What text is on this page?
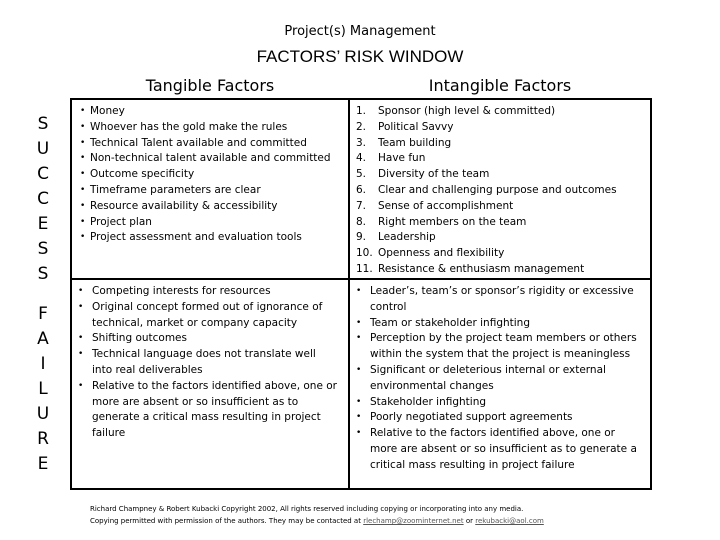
Project(s) Management
FACTORS’ RISK WINDOW
Tangible Factors	Intangible Factors
S
U
C
C
E
S
S
F
A
I
L
U
R
E
• Money
• Whoever has the gold make the rules
• Technical Talent available and committed
• Non-technical talent available and committed
• Outcome specificity
• Timeframe parameters are clear
• Resource availability & accessibility
• Project plan
• Project assessment and evaluation tools
1. Sponsor (high level & committed)
2. Political Savvy
3. Team building
4. Have fun
5. Diversity of the team
6. Clear and challenging purpose and outcomes
7. Sense of accomplishment
8. Right members on the team
9. Leadership
10. Openness and flexibility
11. Resistance & enthusiasm management
• Competing interests for resources
• Original concept formed out of ignorance of technical, market or company capacity
• Shifting outcomes
• Technical language does not translate well into real deliverables
• Relative to the factors identified above, one or more are absent or so insufficient as to generate a critical mass resulting in project failure
• Leader’s, team’s or sponsor’s rigidity or excessive control
• Team or stakeholder infighting
• Perception by the project team members or others within the system that the project is meaningless
• Significant or deleterious internal or external environmental changes
• Stakeholder infighting
• Poorly negotiated support agreements
• Relative to the factors identified above, one or more are absent or so insufficient as to generate a critical mass resulting in project failure
Richard Champney & Robert Kubacki Copyright 2002, All rights reserved including copying or incorporating into any media.
Copying permitted with permission of the authors. They may be contacted at rlechamp@zoominternet.net or rekubacki@aol.com
